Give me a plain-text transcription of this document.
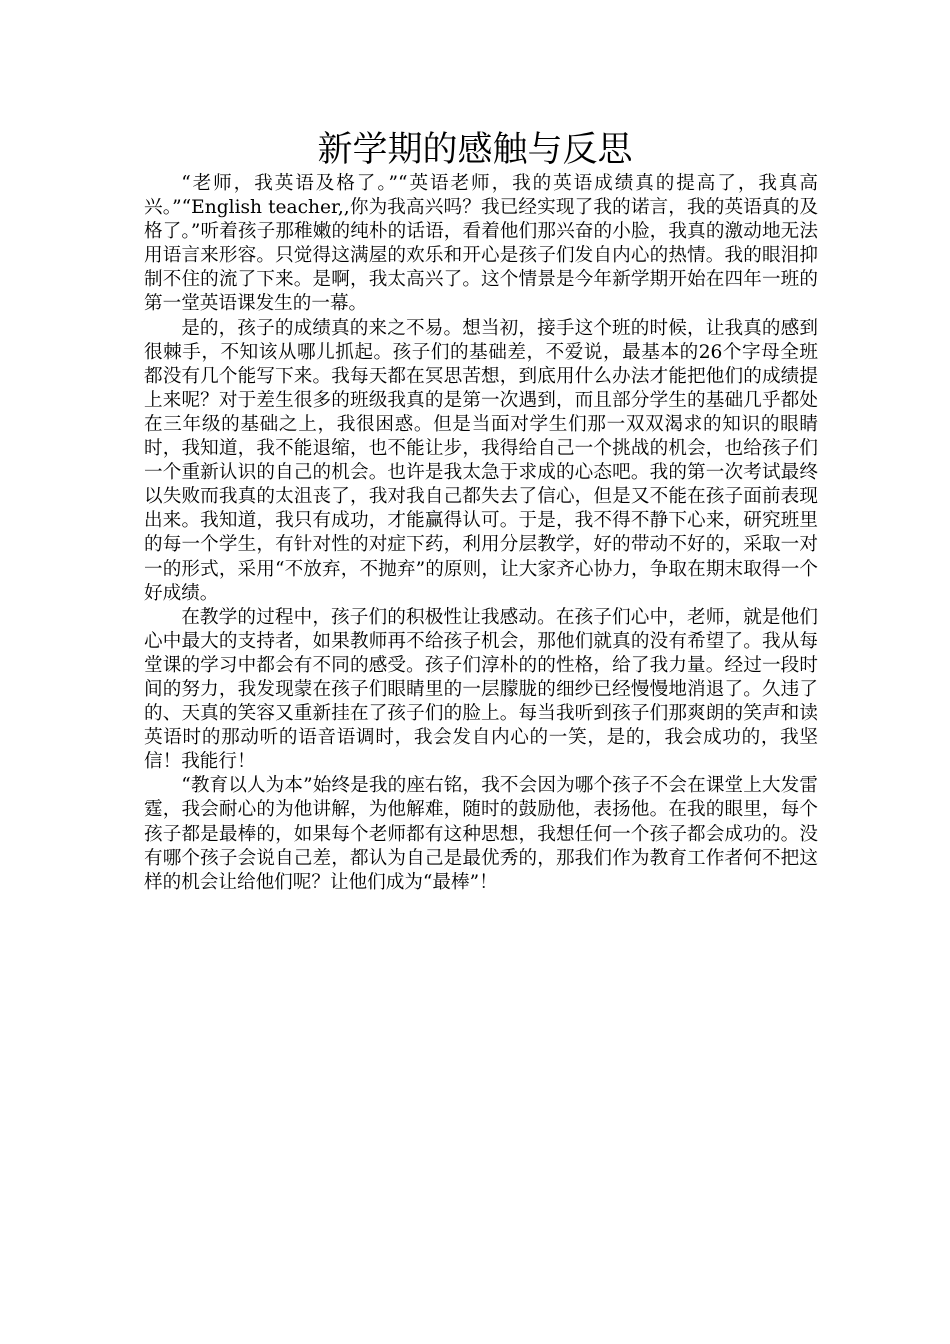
新学期的感触与反思

“老师，我英语及格了。”“英语老师，我的英语成绩真的提高了，我真高兴。”“English teacher,,你为我高兴吗？我已经实现了我的诺言，我的英语真的及格了。”听着孩子那稚嫩的纯朴的话语，看着他们那兴奋的小脸，我真的激动地无法用语言来形容。只觉得这满屋的欢乐和开心是孩子们发自内心的热情。我的眼泪抑制不住的流了下来。是啊，我太高兴了。这个情景是今年新学期开始在四年一班的第一堂英语课发生的一幕。

是的，孩子的成绩真的来之不易。想当初，接手这个班的时候，让我真的感到很棘手，不知该从哪儿抓起。孩子们的基础差，不爱说，最基本的26个字母全班都没有几个能写下来。我每天都在冥思苦想，到底用什么办法才能把他们的成绩提上来呢？对于差生很多的班级我真的是第一次遇到，而且部分学生的基础几乎都处在三年级的基础之上，我很困惑。但是当面对学生们那一双双渴求的知识的眼睛时，我知道，我不能退缩，也不能让步，我得给自己一个挑战的机会，也给孩子们一个重新认识的自己的机会。也许是我太急于求成的心态吧。我的第一次考试最终以失败而我真的太沮丧了，我对我自己都失去了信心，但是又不能在孩子面前表现出来。我知道，我只有成功，才能赢得认可。于是，我不得不静下心来，研究班里的每一个学生，有针对性的对症下药，利用分层教学，好的带动不好的，采取一对一的形式，采用“不放弃，不抛弃”的原则，让大家齐心协力，争取在期末取得一个好成绩。

在教学的过程中，孩子们的积极性让我感动。在孩子们心中，老师，就是他们心中最大的支持者，如果教师再不给孩子机会，那他们就真的没有希望了。我从每堂课的学习中都会有不同的感受。孩子们淳朴的的性格，给了我力量。经过一段时间的努力，我发现蒙在孩子们眼睛里的一层朦胧的细纱已经慢慢地消退了。久违了的、天真的笑容又重新挂在了孩子们的脸上。每当我听到孩子们那爽朗的笑声和读英语时的那动听的语音语调时，我会发自内心的一笑，是的，我会成功的，我坚信！我能行！

“教育以人为本”始终是我的座右铭，我不会因为哪个孩子不会在课堂上大发雷霆，我会耐心的为他讲解，为他解难，随时的鼓励他，表扬他。在我的眼里，每个孩子都是最棒的，如果每个老师都有这种思想，我想任何一个孩子都会成功的。没有哪个孩子会说自己差，都认为自己是最优秀的，那我们作为教育工作者何不把这样的机会让给他们呢？让他们成为“最棒”！
